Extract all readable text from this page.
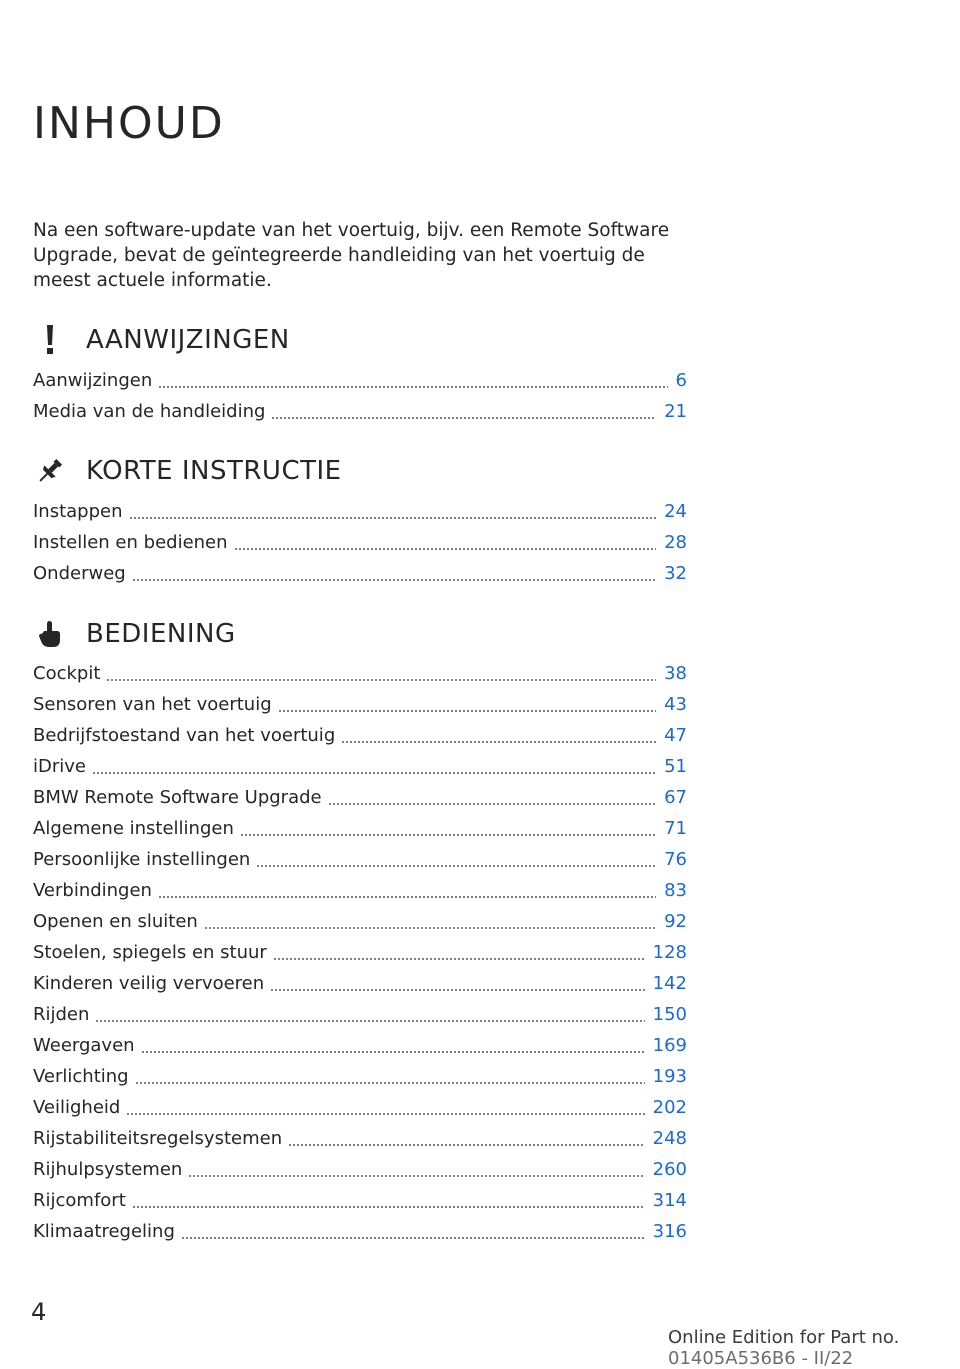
INHOUD

Na een software-update van het voertuig, bijv. een Remote Software Upgrade, bevat de geïntegreerde handleiding van het voertuig de meest actuele informatie.

AANWIJZINGEN
Aanwijzingen	6
Media van de handleiding	21
KORTE INSTRUCTIE
Instappen	24
Instellen en bedienen	28
Onderweg	32
BEDIENING
Cockpit	38
Sensoren van het voertuig	43
Bedrijfstoestand van het voertuig	47
iDrive	51
BMW Remote Software Upgrade	67
Algemene instellingen	71
Persoonlijke instellingen	76
Verbindingen	83
Openen en sluiten	92
Stoelen, spiegels en stuur	128
Kinderen veilig vervoeren	142
Rijden	150
Weergaven	169
Verlichting	193
Veiligheid	202
Rijstabiliteitsregelsystemen	248
Rijhulpsystemen	260
Rijcomfort	314
Klimaatregeling	316
4
Online Edition for Part no. 01405A536B6 - II/22
